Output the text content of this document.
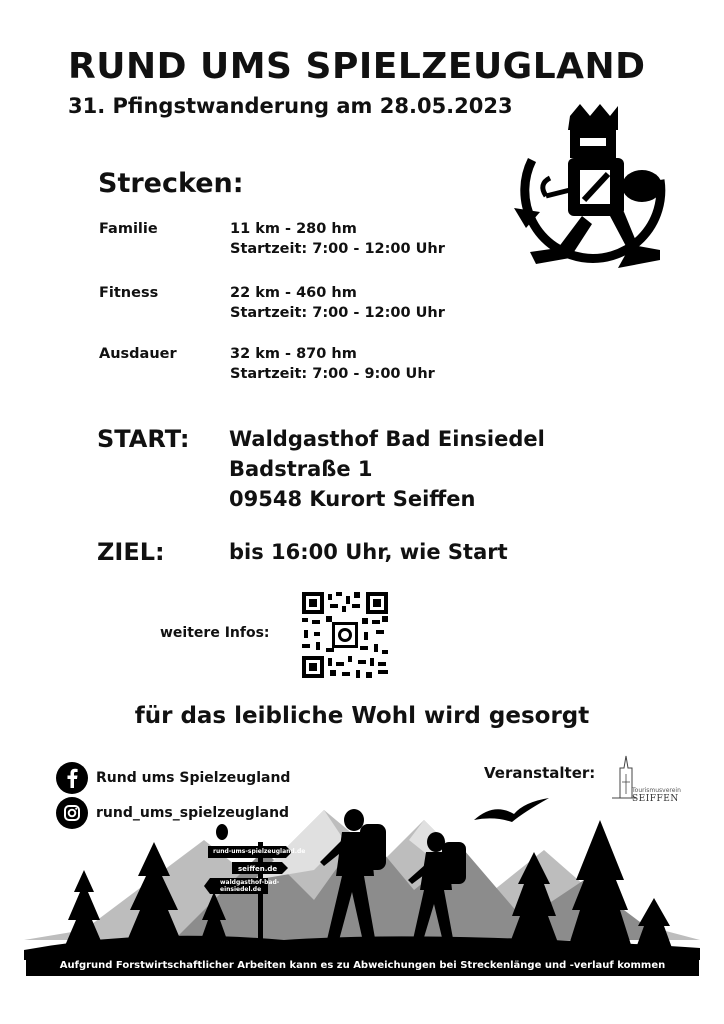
RUND UMS SPIELZEUGLAND
31. Pfingstwanderung am 28.05.2023
Strecken:
Familie	11 km - 280 hm
Startzeit: 7:00 - 12:00 Uhr
Fitness	22 km - 460 hm
Startzeit: 7:00 - 12:00 Uhr
Ausdauer	32 km - 870 hm
Startzeit: 7:00 - 9:00 Uhr
START: Waldgasthof Bad Einsiedel
Badstraße 1
09548 Kurort Seiffen
ZIEL:	bis 16:00 Uhr, wie Start
weitere Infos:
für das leibliche Wohl wird gesorgt
Rund ums Spielzeugland
rund_ums_spielzeugland
Veranstalter:
Tourismusverein
SEIFFEN
rund-ums-spielzeugland.de
seiffen.de
waldgasthof-bad-
einsiedel.de
Aufgrund Forstwirtschaftlicher Arbeiten kann es zu Abweichungen bei Streckenlänge und -verlauf kommen
